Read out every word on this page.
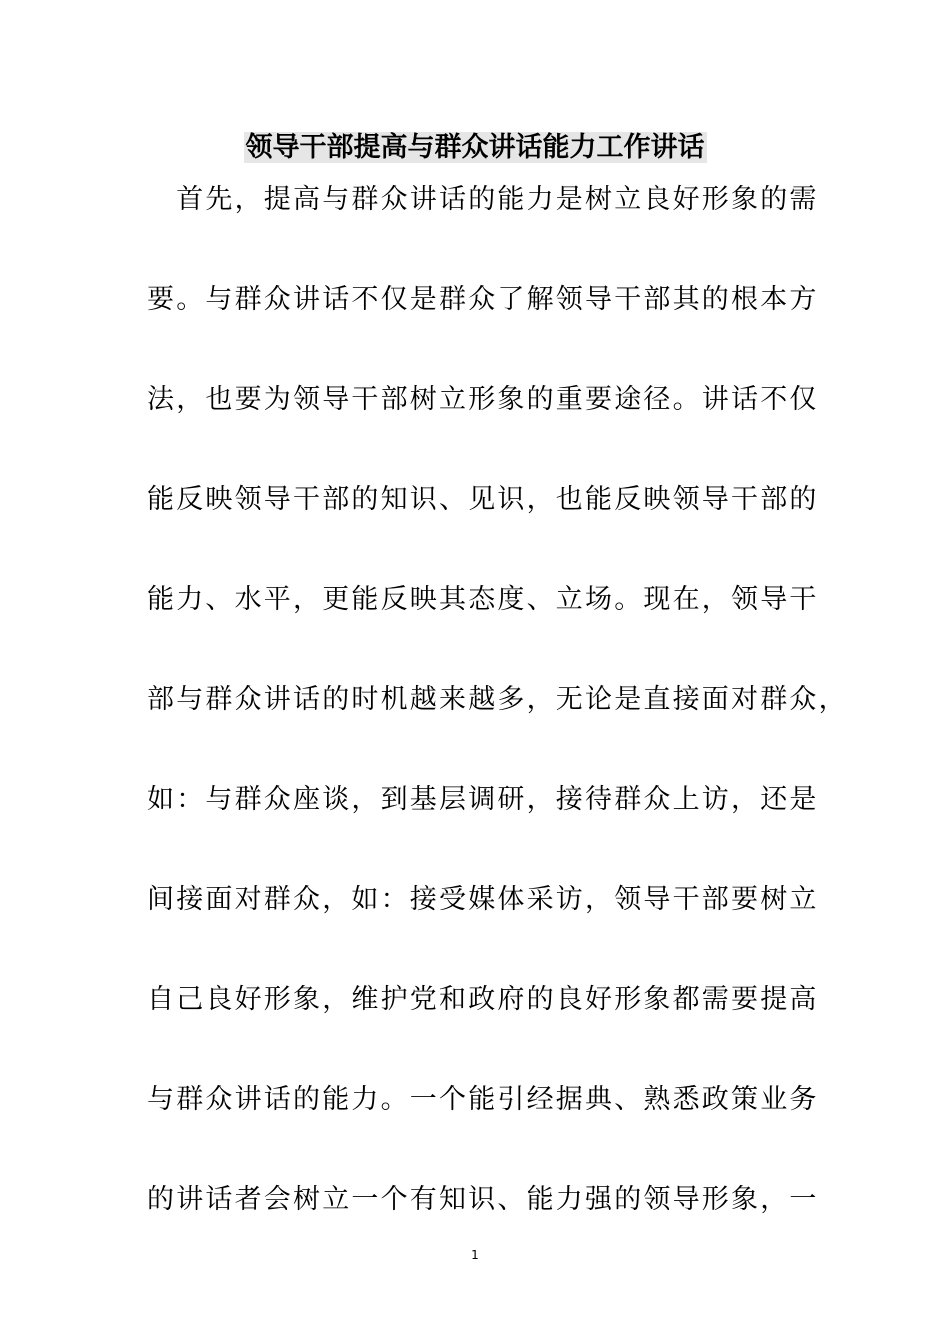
领导干部提高与群众讲话能力工作讲话
　首先，提高与群众讲话的能力是树立良好形象的需
要。与群众讲话不仅是群众了解领导干部其的根本方
法，也要为领导干部树立形象的重要途径。讲话不仅
能反映领导干部的知识、见识，也能反映领导干部的
能力、水平，更能反映其态度、立场。现在，领导干
部与群众讲话的时机越来越多，无论是直接面对群众，
如：与群众座谈，到基层调研，接待群众上访，还是
间接面对群众，如：接受媒体采访，领导干部要树立
自己良好形象，维护党和政府的良好形象都需要提高
与群众讲话的能力。一个能引经据典、熟悉政策业务
的讲话者会树立一个有知识、能力强的领导形象，一
1
